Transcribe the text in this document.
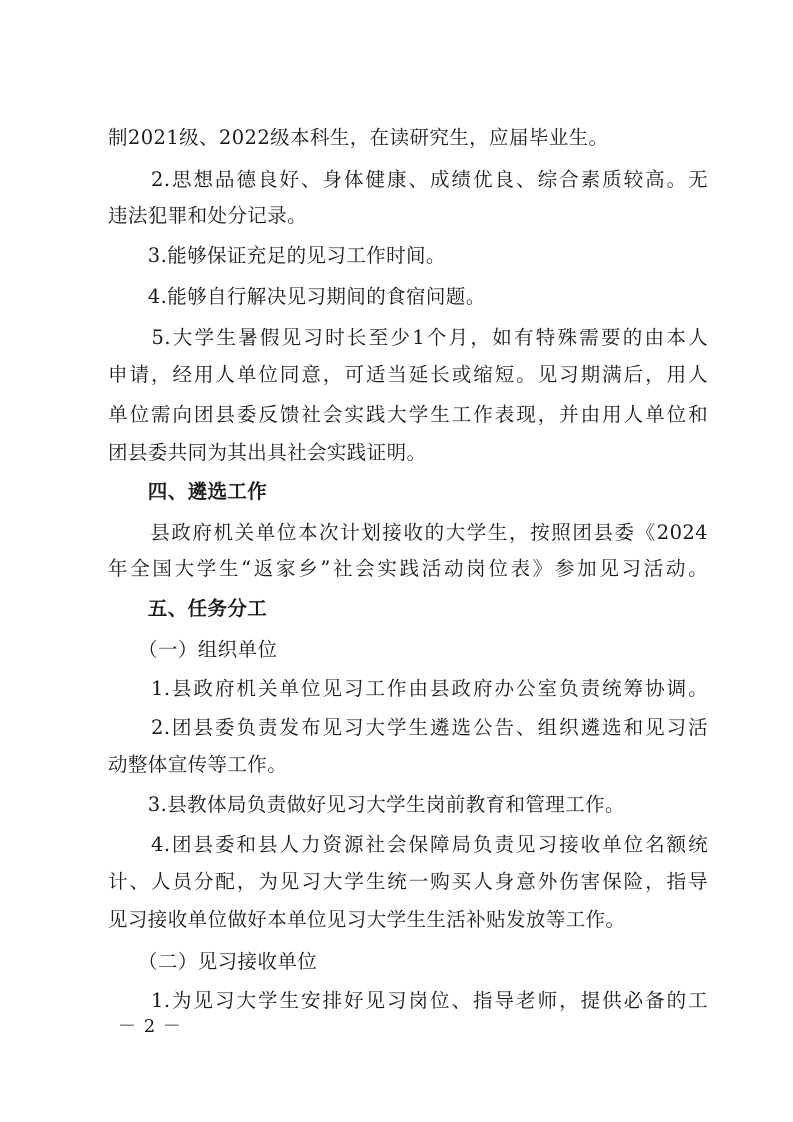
制2021级、2022级本科生，在读研究生，应届毕业生。
　　2.思想品德良好、身体健康、成绩优良、综合素质较高。无
违法犯罪和处分记录。
　　3.能够保证充足的见习工作时间。
　　4.能够自行解决见习期间的食宿问题。
　　5.大学生暑假见习时长至少1个月，如有特殊需要的由本人
申请，经用人单位同意，可适当延长或缩短。见习期满后，用人
单位需向团县委反馈社会实践大学生工作表现，并由用人单位和
团县委共同为其出具社会实践证明。
　　四、遴选工作
　　县政府机关单位本次计划接收的大学生，按照团县委《2024
年全国大学生“返家乡”社会实践活动岗位表》参加见习活动。
　　五、任务分工
　　（一）组织单位
　　1.县政府机关单位见习工作由县政府办公室负责统筹协调。
　　2.团县委负责发布见习大学生遴选公告、组织遴选和见习活
动整体宣传等工作。
　　3.县教体局负责做好见习大学生岗前教育和管理工作。
　　4.团县委和县人力资源社会保障局负责见习接收单位名额统
计、人员分配，为见习大学生统一购买人身意外伤害保险，指导
见习接收单位做好本单位见习大学生生活补贴发放等工作。
　　（二）见习接收单位
　　1.为见习大学生安排好见习岗位、指导老师，提供必备的工
－ 2 －
